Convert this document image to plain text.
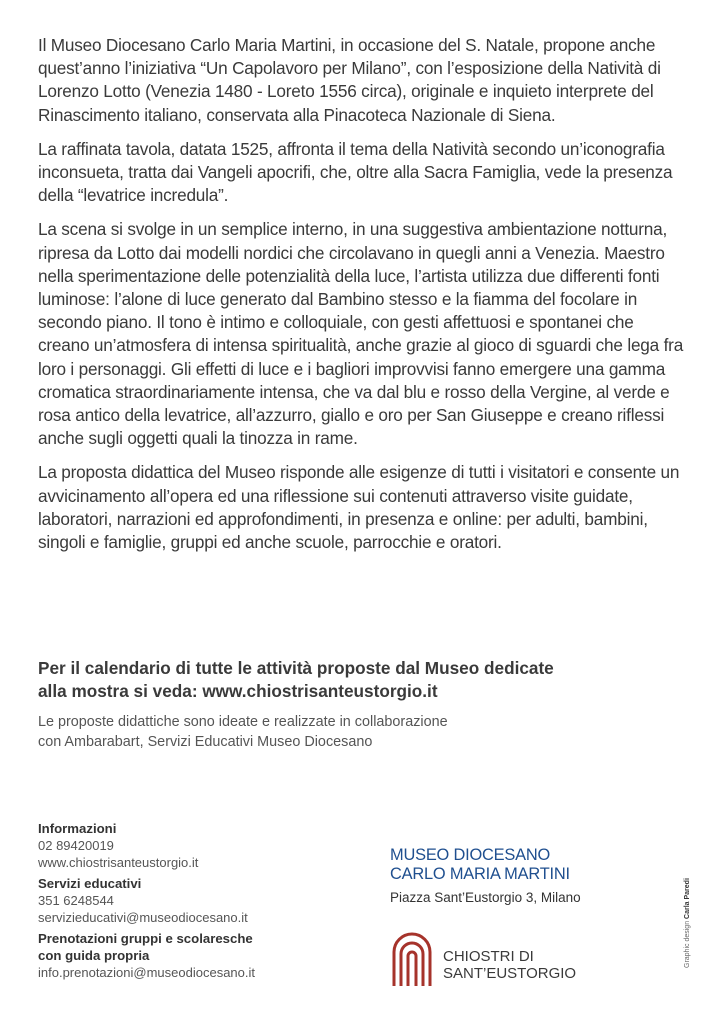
Il Museo Diocesano Carlo Maria Martini, in occasione del S. Natale, propone anche quest’anno l’iniziativa “Un Capolavoro per Milano”, con l’esposizione della Natività di Lorenzo Lotto (Venezia 1480 - Loreto 1556 circa), originale e inquieto interprete del Rinascimento italiano, conservata alla Pinacoteca Nazionale di Siena.

La raffinata tavola, datata 1525, affronta il tema della Natività secondo un’iconografia inconsueta, tratta dai Vangeli apocrifi, che, oltre alla Sacra Famiglia, vede la presenza della “levatrice incredula”.

La scena si svolge in un semplice interno, in una suggestiva ambientazione notturna, ripresa da Lotto dai modelli nordici che circolavano in quegli anni a Venezia. Maestro nella sperimentazione delle potenzialità della luce, l’artista utilizza due differenti fonti luminose: l’alone di luce generato dal Bambino stesso e la fiamma del focolare in secondo piano. Il tono è intimo e colloquiale, con gesti affettuosi e spontanei che creano un’atmosfera di intensa spiritualità, anche grazie al gioco di sguardi che lega fra loro i personaggi. Gli effetti di luce e i bagliori improvvisi fanno emergere una gamma cromatica straordinariamente intensa, che va dal blu e rosso della Vergine, al verde e rosa antico della levatrice, all’azzurro, giallo e oro per San Giuseppe e creano riflessi anche sugli oggetti quali la tinozza in rame.

La proposta didattica del Museo risponde alle esigenze di tutti i visitatori e consente un avvicinamento all’opera ed una riflessione sui contenuti attraverso visite guidate, laboratori, narrazioni ed approfondimenti, in presenza e online: per adulti, bambini, singoli e famiglie, gruppi ed anche scuole, parrocchie e oratori.

Per il calendario di tutte le attività proposte dal Museo dedicate
alla mostra si veda: www.chiostrisanteustorgio.it
Le proposte didattiche sono ideate e realizzate in collaborazione
con Ambarabart, Servizi Educativi Museo Diocesano
Informazioni
02 89420019
www.chiostrisanteustorgio.it
Servizi educativi
351 6248544
servizieducativi@museodiocesano.it
Prenotazioni gruppi e scolaresche
con guida propria
info.prenotazioni@museodiocesano.it
MUSEO DIOCESANO
CARLO MARIA MARTINI
Piazza Sant’Eustorgio 3, Milano
CHIOSTRI DI
SANT’EUSTORGIO
Graphic design Carla Paredi
